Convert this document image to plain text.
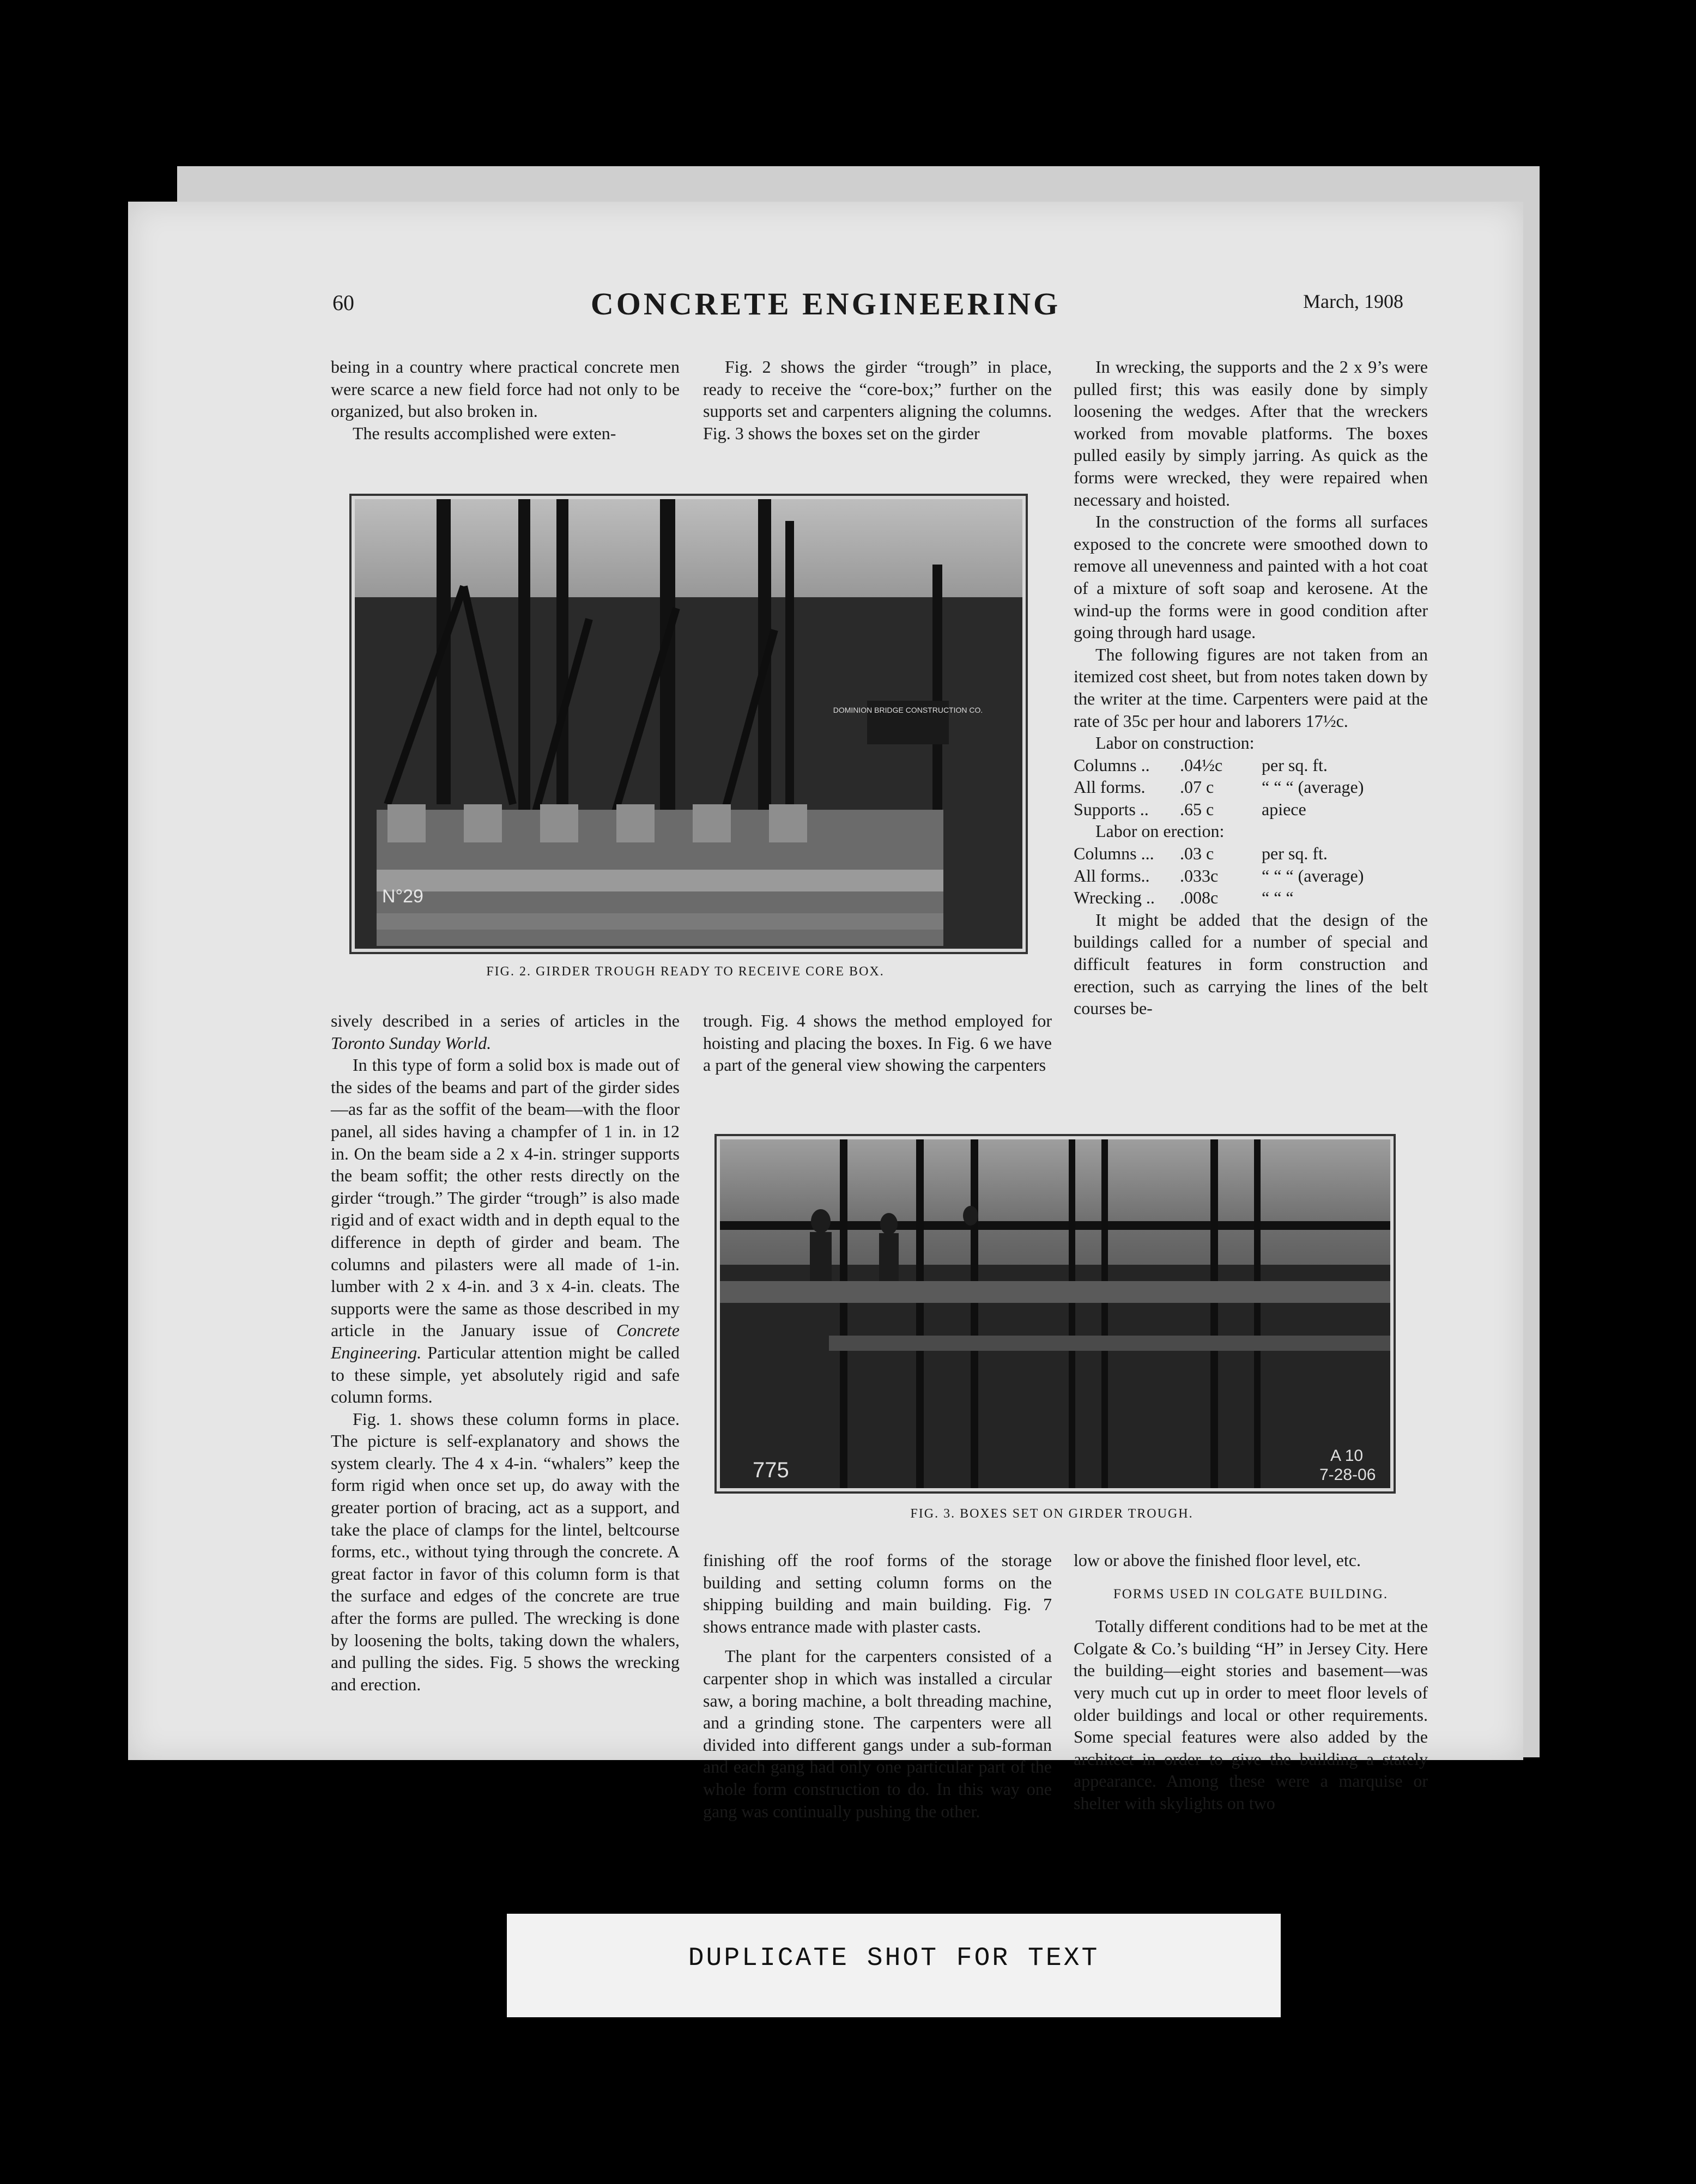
60	CONCRETE ENGINEERING	March, 1908

being in a country where practical concrete men were scarce a new field force had not only to be organized, but also broken in.

The results accomplished were exten-

Fig. 2 shows the girder “trough” in place, ready to receive the “core-box;” further on the supports set and carpenters aligning the columns. Fig. 3 shows the boxes set on the girder

In wrecking, the supports and the 2 x 9’s were pulled first; this was easily done by simply loosening the wedges. After that the wreckers worked from movable platforms. The boxes pulled easily by simply jarring. As quick as the forms were wrecked, they were repaired when necessary and hoisted.

In the construction of the forms all surfaces exposed to the concrete were smoothed down to remove all unevenness and painted with a hot coat of a mixture of soft soap and kerosene. At the wind-up the forms were in good condition after going through hard usage.

The following figures are not taken from an itemized cost sheet, but from notes taken down by the writer at the time. Carpenters were paid at the rate of 35c per hour and laborers 17½c.

Labor on construction:

Columns ..	.04½c	per sq. ft.
All forms.	.07 c	“ “ “ (average)
Supports ..	.65 c	apiece

Labor on erection:

Columns ...	.03 c	per sq. ft.
All forms..	.033c	“ “ “ (average)
Wrecking ..	.008c	“ “ “

It might be added that the design of the buildings called for a number of special and difficult features in form construction and erection, such as carrying the lines of the belt courses be-

DOMINION BRIDGE CONSTRUCTION CO.
N°29
FIG. 2. GIRDER TROUGH READY TO RECEIVE CORE BOX.

sively described in a series of articles in the Toronto Sunday World.

In this type of form a solid box is made out of the sides of the beams and part of the girder sides—as far as the soffit of the beam—with the floor panel, all sides having a champfer of 1 in. in 12 in. On the beam side a 2 x 4-in. stringer supports the beam soffit; the other rests directly on the girder “trough.” The girder “trough” is also made rigid and of exact width and in depth equal to the difference in depth of girder and beam. The columns and pilasters were all made of 1-in. lumber with 2 x 4-in. and 3 x 4-in. cleats. The supports were the same as those described in my article in the January issue of Concrete Engineering. Particular attention might be called to these simple, yet absolutely rigid and safe column forms.

Fig. 1. shows these column forms in place. The picture is self-explanatory and shows the system clearly. The 4 x 4-in. “whalers” keep the form rigid when once set up, do away with the greater portion of bracing, act as a support, and take the place of clamps for the lintel, beltcourse forms, etc., without tying through the concrete. A great factor in favor of this column form is that the surface and edges of the concrete are true after the forms are pulled. The wrecking is done by loosening the bolts, taking down the whalers, and pulling the sides. Fig. 5 shows the wrecking and erection.

trough. Fig. 4 shows the method employed for hoisting and placing the boxes. In Fig. 6 we have a part of the general view showing the carpenters

775
A 10
7-28-06
FIG. 3. BOXES SET ON GIRDER TROUGH.

finishing off the roof forms of the storage building and setting column forms on the shipping building and main building. Fig. 7 shows entrance made with plaster casts.

The plant for the carpenters consisted of a carpenter shop in which was installed a circular saw, a boring machine, a bolt threading machine, and a grinding stone. The carpenters were all divided into different gangs under a sub-forman and each gang had only one particular part of the whole form construction to do. In this way one gang was continually pushing the other.

low or above the finished floor level, etc.

FORMS USED IN COLGATE BUILDING.

Totally different conditions had to be met at the Colgate & Co.’s building “H” in Jersey City. Here the building—eight stories and basement—was very much cut up in order to meet floor levels of older buildings and local or other requirements. Some special features were also added by the architect in order to give the building a stately appearance. Among these were a marquise or shelter with skylights on two

DUPLICATE SHOT FOR TEXT
